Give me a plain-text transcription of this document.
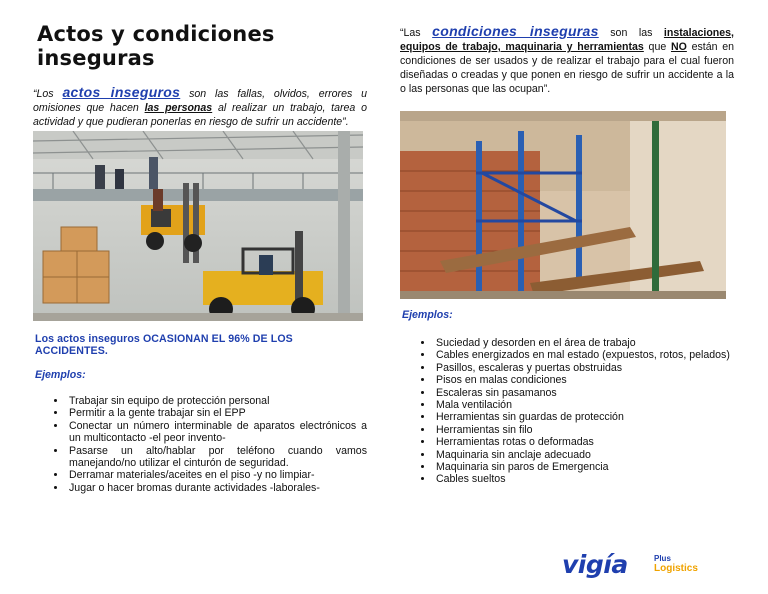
Actos y condiciones inseguras

“Los actos inseguros son las fallas, olvidos, errores u omisiones que hacen las personas al realizar un trabajo, tarea o actividad y que pudieran ponerlas en riesgo de sufrir un accidente”.

Los actos inseguros OCASIONAN EL 96% DE LOS ACCIDENTES.
Ejemplos:
• Trabajar sin equipo de protección personal
• Permitir a la gente trabajar sin el EPP
• Conectar un número interminable de aparatos electrónicos a un multicontacto -el peor invento-
• Pasarse un alto/hablar por teléfono cuando vamos manejando/no utilizar el cinturón de seguridad.
• Derramar materiales/aceites en el piso -y no limpiar-
• Jugar o hacer bromas durante actividades -laborales-

“Las condiciones inseguras son las instalaciones, equipos de trabajo, maquinaria y herramientas que NO están en condiciones de ser usados y de realizar el trabajo para el cual fueron diseñadas o creadas y que ponen en riesgo de sufrir un accidente a la o las personas que las ocupan”.

Ejemplos:
• Suciedad y desorden en el área de trabajo
• Cables energizados en mal estado (expuestos, rotos, pelados)
• Pasillos, escaleras y puertas obstruidas
• Pisos en malas condiciones
• Escaleras sin pasamanos
• Mala ventilación
• Herramientas sin guardas de protección
• Herramientas sin filo
• Herramientas rotas o deformadas
• Maquinaria sin anclaje adecuado
• Maquinaria sin paros de Emergencia
• Cables sueltos
vigía	Plus
Logistics
